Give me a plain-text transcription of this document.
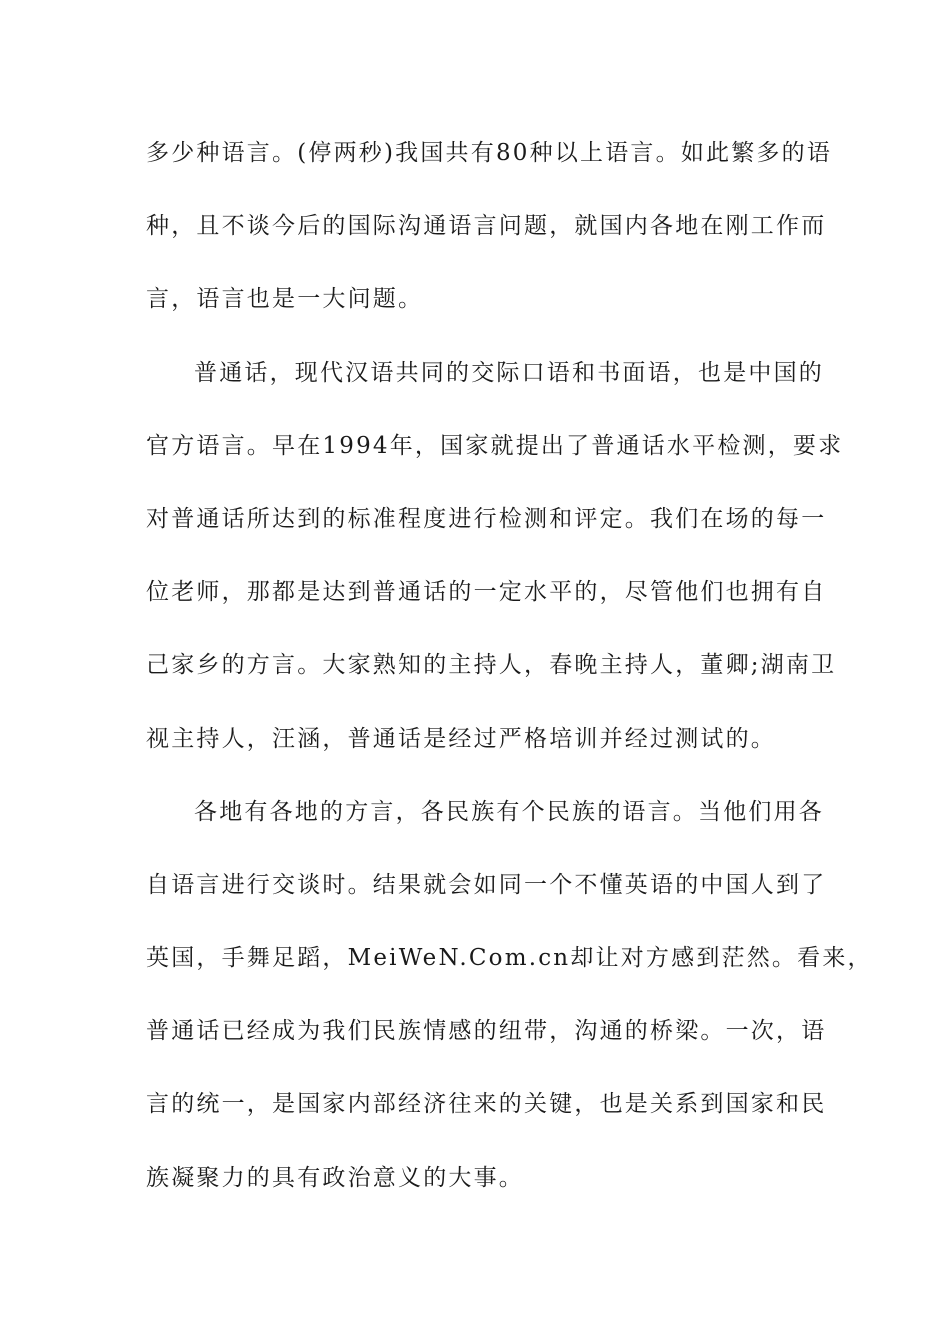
多少种语言。(停两秒)我国共有80种以上语言。如此繁多的语
种，且不谈今后的国际沟通语言问题，就国内各地在刚工作而
言，语言也是一大问题。
普通话，现代汉语共同的交际口语和书面语，也是中国的
官方语言。早在1994年，国家就提出了普通话水平检测，要求
对普通话所达到的标准程度进行检测和评定。我们在场的每一
位老师，那都是达到普通话的一定水平的，尽管他们也拥有自
己家乡的方言。大家熟知的主持人，春晚主持人，董卿;湖南卫
视主持人，汪涵，普通话是经过严格培训并经过测试的。
各地有各地的方言，各民族有个民族的语言。当他们用各
自语言进行交谈时。结果就会如同一个不懂英语的中国人到了
英国，手舞足蹈，MeiWeN.Com.cn却让对方感到茫然。看来，
普通话已经成为我们民族情感的纽带，沟通的桥梁。一次，语
言的统一，是国家内部经济往来的关键，也是关系到国家和民
族凝聚力的具有政治意义的大事。
